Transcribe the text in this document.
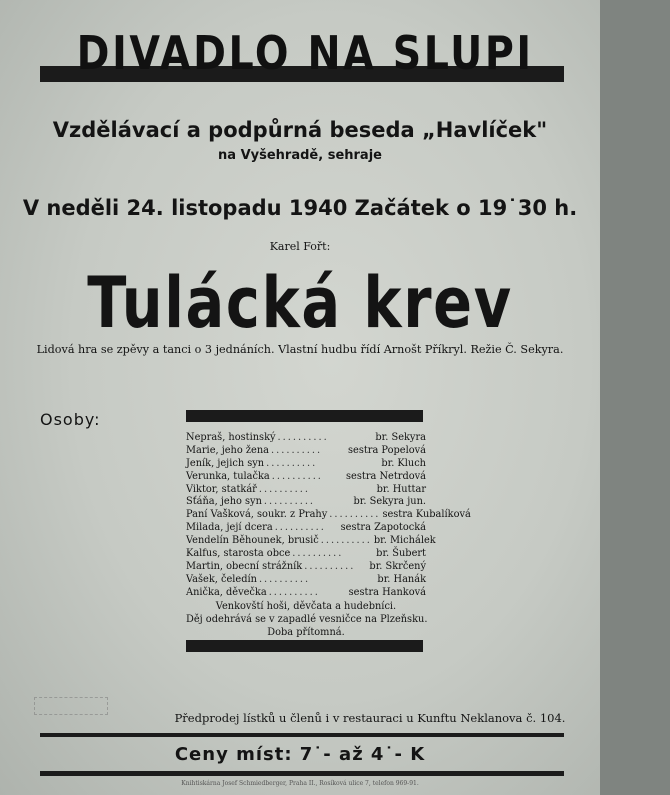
DIVADLO NA SLUPI
Vzdělávací a podpůrná beseda „Havlíček"
na Vyšehradě, sehraje
V neděli 24. listopadu 1940 Začátek o 19˙30 h.
Karel Fořt:
Tulácká krev
Lidová hra se zpěvy a tanci o 3 jednáních. Vlastní hudbu řídí Arnošt Příkryl. Režie Č. Sekyra.
Osoby:
Nepraš, hostinský ..........	br. Sekyra
Marie, jeho žena ..........	sestra Popelová
Jeník, jejich syn ..........	br. Kluch
Verunka, tulačka ..........	sestra Netrdová
Viktor, statkář ..........	br. Huttar
Sťáňa, jeho syn ..........	br. Sekyra jun.
Paní Vaš̌ková, soukr. z Prahy .......... sestra Kubalíková
Milada, její dcera ..........	sestra Zapotocká
Vendelín Běhounek, brusič .......... br. Michálek
Kalfus, starosta obce ..........	br. Šubert
Martin, obecní strážník ..........	br. Skrčený
Vašek, čeledín ..........	br. Hanák
Anička, děvečka ..........	sestra Hanková
Venkovští hoši, děvčata a hudebníci.
Děj odehrává se v zapadlé vesničce na Plzeňsku.
Doba přítomná.
Předprodej lístků u členů i v restauraci u Kunftu Neklanova č. 104.
Ceny míst: 7˙- až 4˙- K
Knihtiskárna Josef Schmiedberger, Praha II., Rosíková ulice 7, telefon 969-91.
